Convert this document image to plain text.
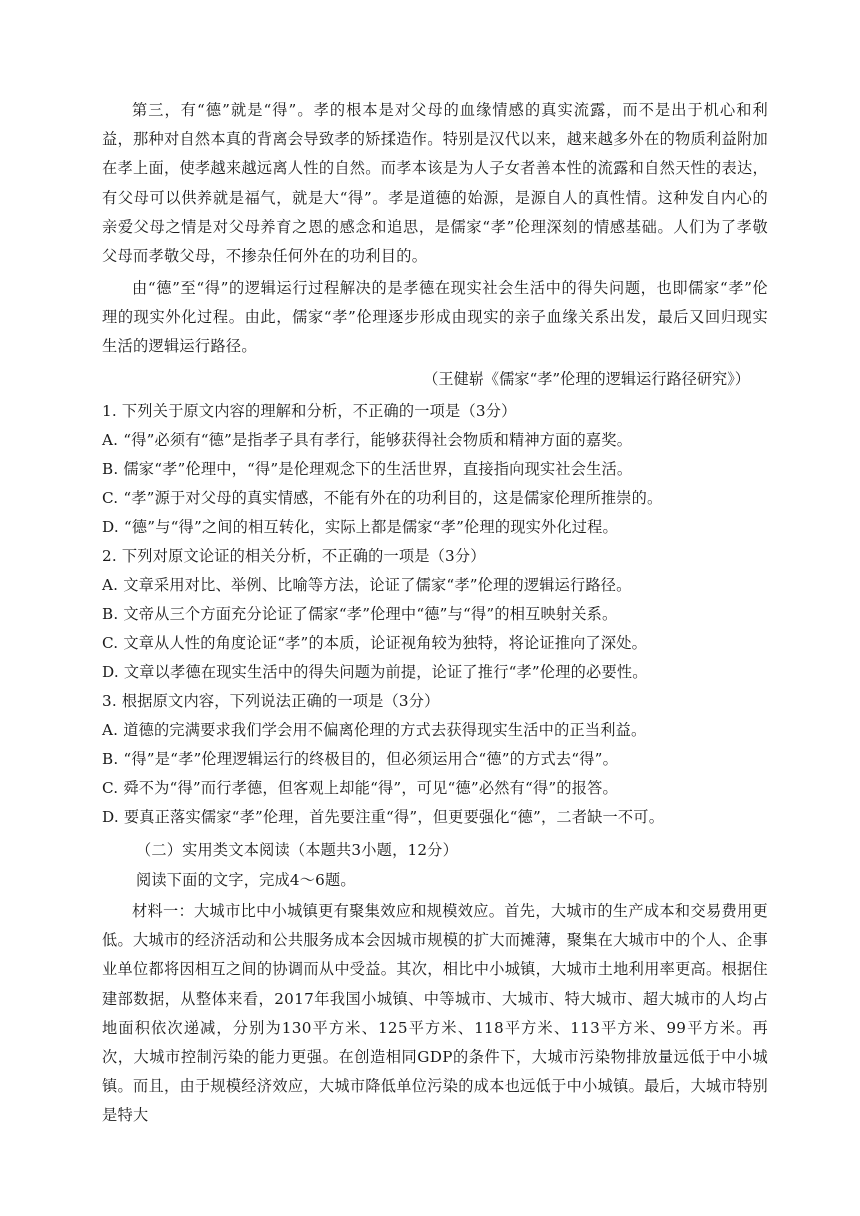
第三，有“德”就是“得”。孝的根本是对父母的血缘情感的真实流露，而不是出于机心和利益，那种对自然本真的背离会导致孝的矫揉造作。特别是汉代以来，越来越多外在的物质利益附加在孝上面，使孝越来越远离人性的自然。而孝本该是为人子女者善本性的流露和自然天性的表达，有父母可以供养就是福气，就是大“得”。孝是道德的始源，是源自人的真性情。这种发自内心的亲爱父母之情是对父母养育之恩的感念和追思，是儒家“孝”伦理深刻的情感基础。人们为了孝敬父母而孝敬父母，不掺杂任何外在的功利目的。

由“德”至“得”的逻辑运行过程解决的是孝德在现实社会生活中的得失问题，也即儒家“孝”伦理的现实外化过程。由此，儒家“孝”伦理逐步形成由现实的亲子血缘关系出发，最后又回归现实生活的逻辑运行路径。

（王健崭《儒家“孝”伦理的逻辑运行路径研究》）
1. 下列关于原文内容的理解和分析，不正确的一项是（3分）
A. “得”必须有“德”是指孝子具有孝行，能够获得社会物质和精神方面的嘉奖。
B. 儒家“孝”伦理中，“得”是伦理观念下的生活世界，直接指向现实社会生活。
C. “孝”源于对父母的真实情感，不能有外在的功利目的，这是儒家伦理所推崇的。
D. “德”与“得”之间的相互转化，实际上都是儒家“孝”伦理的现实外化过程。
2. 下列对原文论证的相关分析，不正确的一项是（3分）
A. 文章采用对比、举例、比喻等方法，论证了儒家“孝”伦理的逻辑运行路径。
B. 文帝从三个方面充分论证了儒家“孝”伦理中“德”与“得”的相互映射关系。
C. 文章从人性的角度论证“孝”的本质，论证视角较为独特，将论证推向了深处。
D. 文章以孝德在现实生活中的得失问题为前提，论证了推行“孝”伦理的必要性。
3. 根据原文内容，下列说法正确的一项是（3分）
A. 道德的完满要求我们学会用不偏离伦理的方式去获得现实生活中的正当利益。
B. “得”是“孝”伦理逻辑运行的终极目的，但必须运用合“德”的方式去“得”。
C. 舜不为“得”而行孝德，但客观上却能“得”，可见“德”必然有“得”的报答。
D. 要真正落实儒家“孝”伦理，首先要注重“得”，但更要强化“德”，二者缺一不可。
（二）实用类文本阅读（本题共3小题，12分）
阅读下面的文字，完成4～6题。

材料一：大城市比中小城镇更有聚集效应和规模效应。首先，大城市的生产成本和交易费用更低。大城市的经济活动和公共服务成本会因城市规模的扩大而摊薄，聚集在大城市中的个人、企事业单位都将因相互之间的协调而从中受益。其次，相比中小城镇，大城市土地利用率更高。根据住建部数据，从整体来看，2017年我国小城镇、中等城市、大城市、特大城市、超大城市的人均占地面积依次递减，分别为130平方米、125平方米、118平方米、113平方米、99平方米。再次，大城市控制污染的能力更强。在创造相同GDP的条件下，大城市污染物排放量远低于中小城镇。而且，由于规模经济效应，大城市降低单位污染的成本也远低于中小城镇。最后，大城市特别是特大
